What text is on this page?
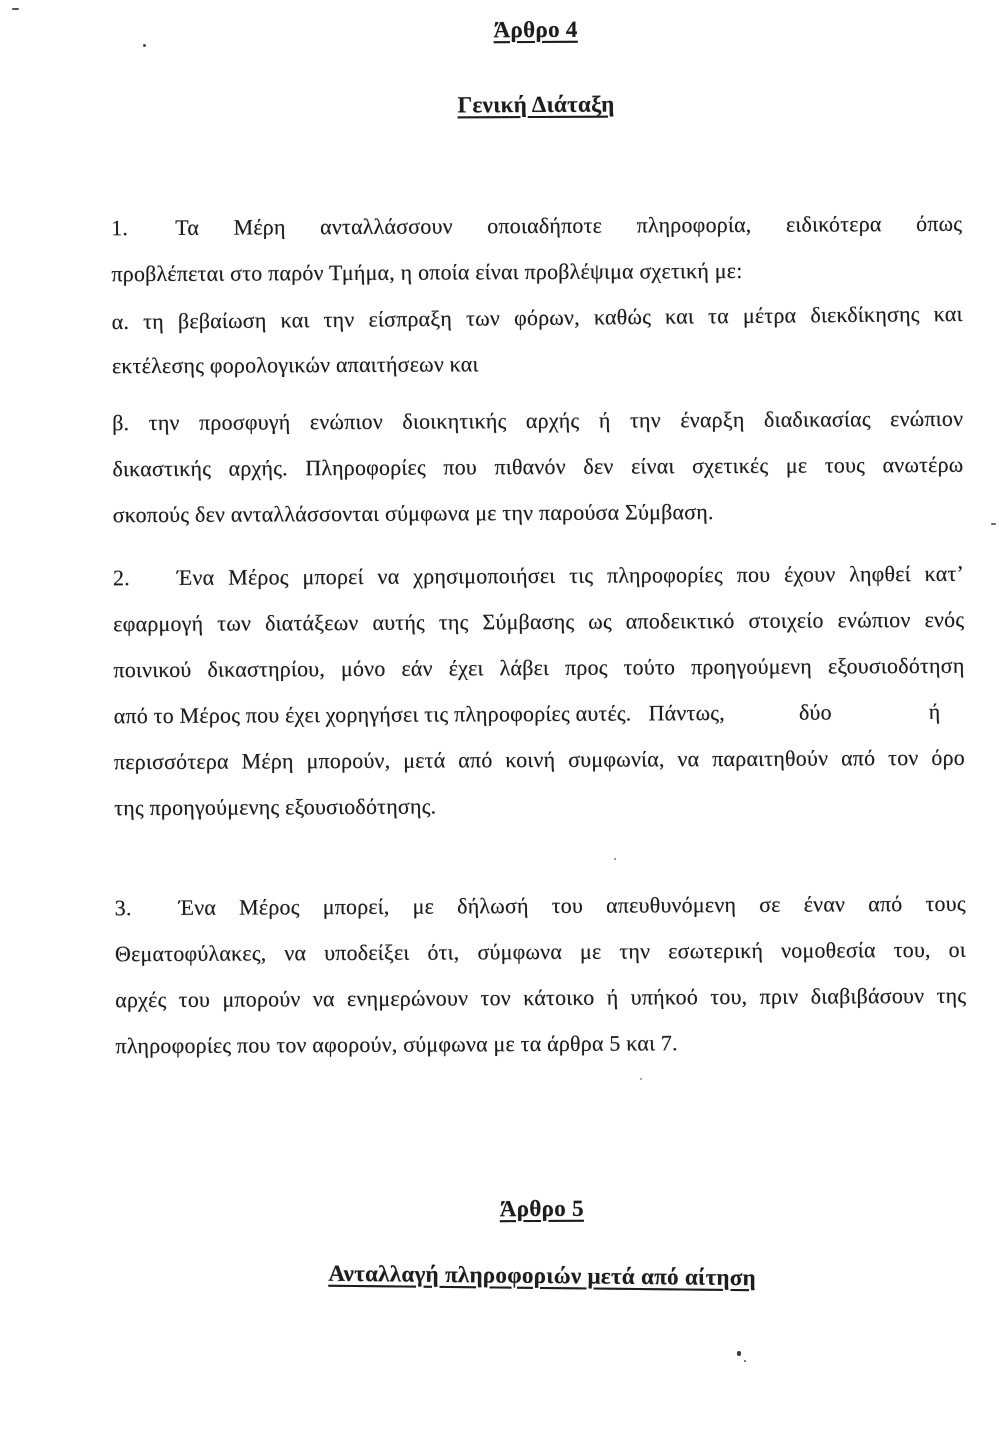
Άρθρο 4
Γενική Διάταξη
1. Τα Μέρη ανταλλάσσουν οποιαδήποτε πληροφορία, ειδικότερα όπως
προβλέπεται στο παρόν Τμήμα, η οποία είναι προβλέψιμα σχετική με:
α. τη βεβαίωση και την είσπραξη των φόρων, καθώς και τα μέτρα διεκδίκησης και
εκτέλεσης φορολογικών απαιτήσεων και
β. την προσφυγή ενώπιον διοικητικής αρχής ή την έναρξη διαδικασίας ενώπιον
δικαστικής αρχής. Πληροφορίες που πιθανόν δεν είναι σχετικές με τους ανωτέρω
σκοπούς δεν ανταλλάσσονται σύμφωνα με την παρούσα Σύμβαση.
2. Ένα Μέρος μπορεί να χρησιμοποιήσει τις πληροφορίες που έχουν ληφθεί κατ’
εφαρμογή των διατάξεων αυτής της Σύμβασης ως αποδεικτικό στοιχείο ενώπιον ενός
ποινικού δικαστηρίου, μόνο εάν έχει λάβει προς τούτο προηγούμενη εξουσιοδότηση
από το Μέρος που έχει χορηγήσει τις πληροφορίες αυτές.   Πάντως,             δύο                 ή
περισσότερα Μέρη μπορούν, μετά από κοινή συμφωνία, να παραιτηθούν από τον όρο
της προηγούμενης εξουσιοδότησης.
3. Ένα Μέρος μπορεί, με δήλωσή του απευθυνόμενη σε έναν από τους
Θεματοφύλακες, να υποδείξει ότι, σύμφωνα με την εσωτερική νομοθεσία του, οι
αρχές του μπορούν να ενημερώνουν τον κάτοικο ή υπήκοό του, πριν διαβιβάσουν της
πληροφορίες που τον αφορούν, σύμφωνα με τα άρθρα 5 και 7.
Άρθρο 5
Ανταλλαγή πληροφοριών μετά από αίτηση
